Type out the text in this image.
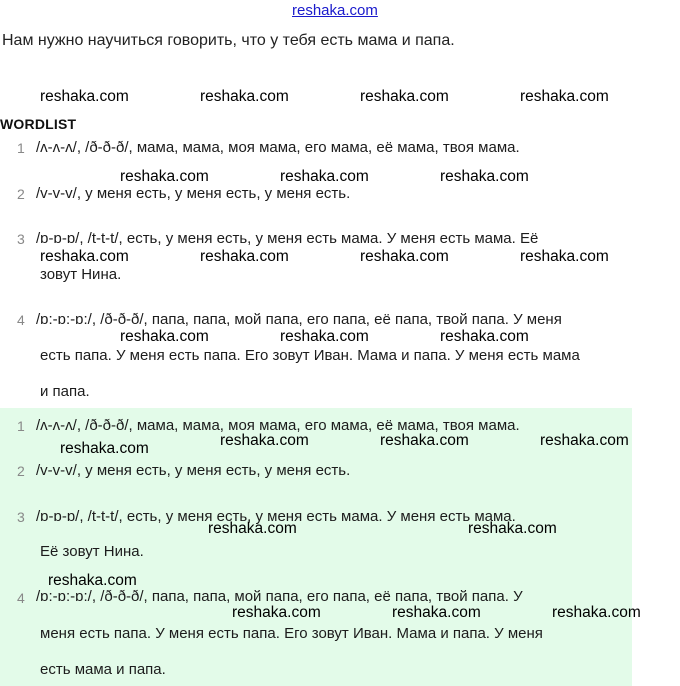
reshaka.com
Нам нужно научиться говорить, что у тебя есть мама и папа.
reshaka.com	reshaka.com	reshaka.com	reshaka.com
WORDLIST
1 /ʌ-ʌ-ʌ/, /ð-ð-ð/, мама, мама, моя мама, его мама, её мама, твоя мама.
reshaka.com	reshaka.com	reshaka.com
2 /v-v-v/, у меня есть, у меня есть, у меня есть.
3 /ɒ-ɒ-ɒ/, /t-t-t/, есть, у меня есть, у меня есть мама. У меня есть мама. Её
reshaka.com	reshaka.com	reshaka.com	reshaka.com
зовут Нина.
4 /ɒ:-ɒ:-ɒ:/, /ð-ð-ð/, папа, папа, мой папа, его папа, её папа, твой папа. У меня
reshaka.com	reshaka.com	reshaka.com
есть папа. У меня есть папа. Его зовут Иван. Мама и папа. У меня есть мама
и папа.
1 /ʌ-ʌ-ʌ/, /ð-ð-ð/, мама, мама, моя мама, его мама, её мама, твоя мама.
reshaka.com	reshaka.com	reshaka.com	reshaka.com
2 /v-v-v/, у меня есть, у меня есть, у меня есть.
3 /ɒ-ɒ-ɒ/, /t-t-t/, есть, у меня есть, у меня есть мама. У меня есть мама.
reshaka.com	reshaka.com
Её зовут Нина.
reshaka.com
4 /ɒ:-ɒ:-ɒ:/, /ð-ð-ð/, папа, папа, мой папа, его папа, её папа, твой папа. У
reshaka.com	reshaka.com	reshaka.com
меня есть папа. У меня есть папа. Его зовут Иван. Мама и папа. У меня
есть мама и папа.
